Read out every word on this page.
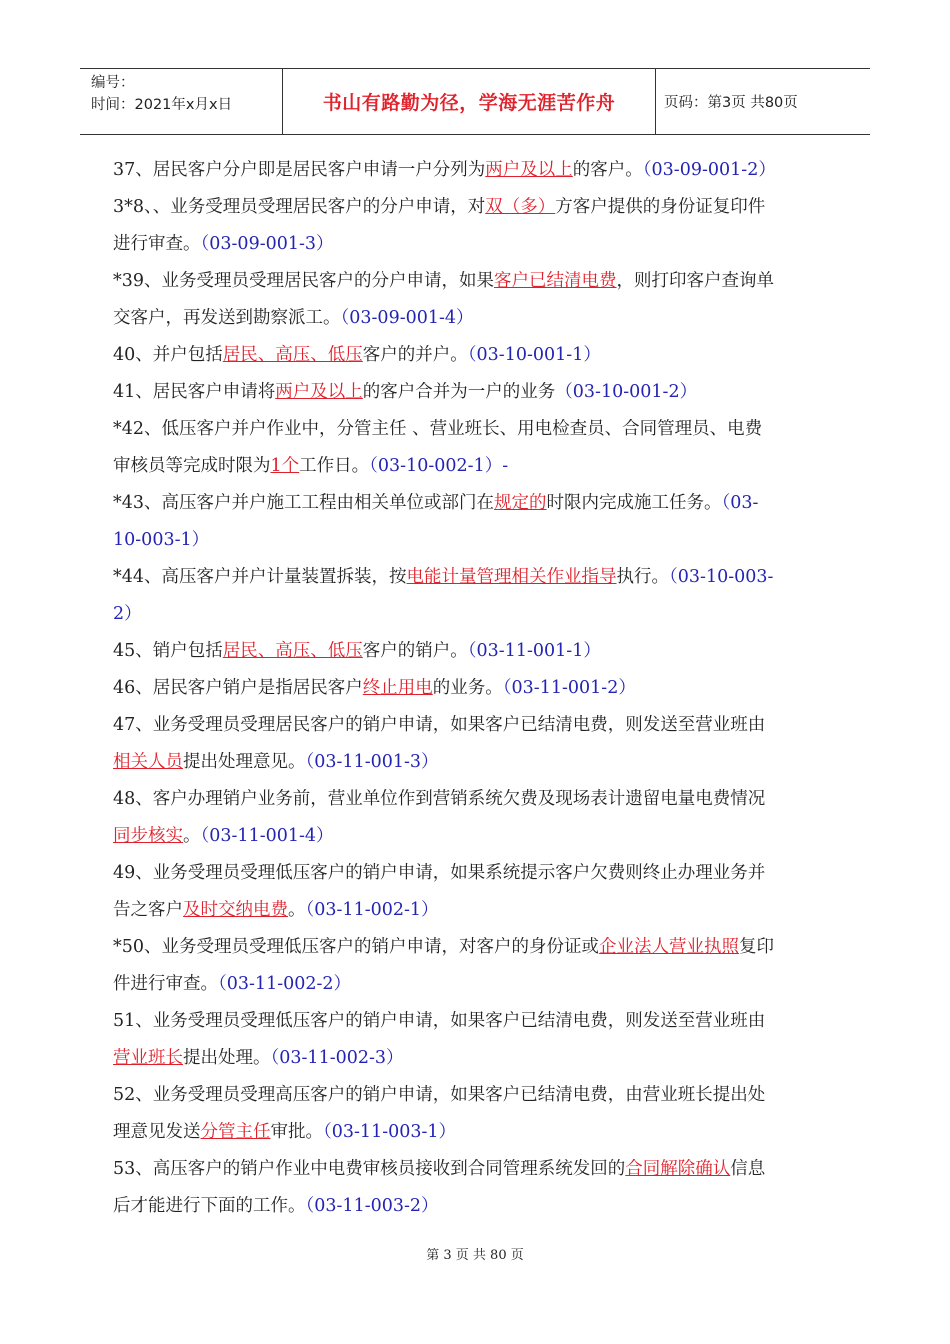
编号：
时间：2021年x月x日	书山有路勤为径，学海无涯苦作舟	页码：第3页 共80页
37、居民客户分户即是居民客户申请一户分列为两户及以上的客户。（03-09-001-2）
3*8、、业务受理员受理居民客户的分户申请，对双（多）方客户提供的身份证复印件
进行审查。（03-09-001-3）
*39、业务受理员受理居民客户的分户申请，如果客户已结清电费，则打印客户查询单
交客户，再发送到勘察派工。（03-09-001-4）
40、并户包括居民、高压、低压客户的并户。（03-10-001-1）
41、居民客户申请将两户及以上的客户合并为一户的业务（03-10-001-2）
*42、低压客户并户作业中，分管主任 、营业班长、用电检查员、合同管理员、电费
审核员等完成时限为1个工作日。（03-10-002-1）-
*43、高压客户并户施工工程由相关单位或部门在规定的时限内完成施工任务。（03-
10-003-1）
*44、高压客户并户计量装置拆装，按电能计量管理相关作业指导执行。（03-10-003-
2）
45、销户包括居民、高压、低压客户的销户。（03-11-001-1）
46、居民客户销户是指居民客户终止用电的业务。（03-11-001-2）
47、业务受理员受理居民客户的销户申请，如果客户已结清电费，则发送至营业班由
相关人员提出处理意见。（03-11-001-3）
48、客户办理销户业务前，营业单位作到营销系统欠费及现场表计遗留电量电费情况
同步核实。（03-11-001-4）
49、业务受理员受理低压客户的销户申请，如果系统提示客户欠费则终止办理业务并
告之客户及时交纳电费。（03-11-002-1）
*50、业务受理员受理低压客户的销户申请，对客户的身份证或企业法人营业执照复印
件进行审查。（03-11-002-2）
51、业务受理员受理低压客户的销户申请，如果客户已结清电费，则发送至营业班由
营业班长提出处理。（03-11-002-3）
52、业务受理员受理高压客户的销户申请，如果客户已结清电费，由营业班长提出处
理意见发送分管主任审批。（03-11-003-1）
53、高压客户的销户作业中电费审核员接收到合同管理系统发回的合同解除确认信息
后才能进行下面的工作。（03-11-003-2）
第 3 页 共 80 页
